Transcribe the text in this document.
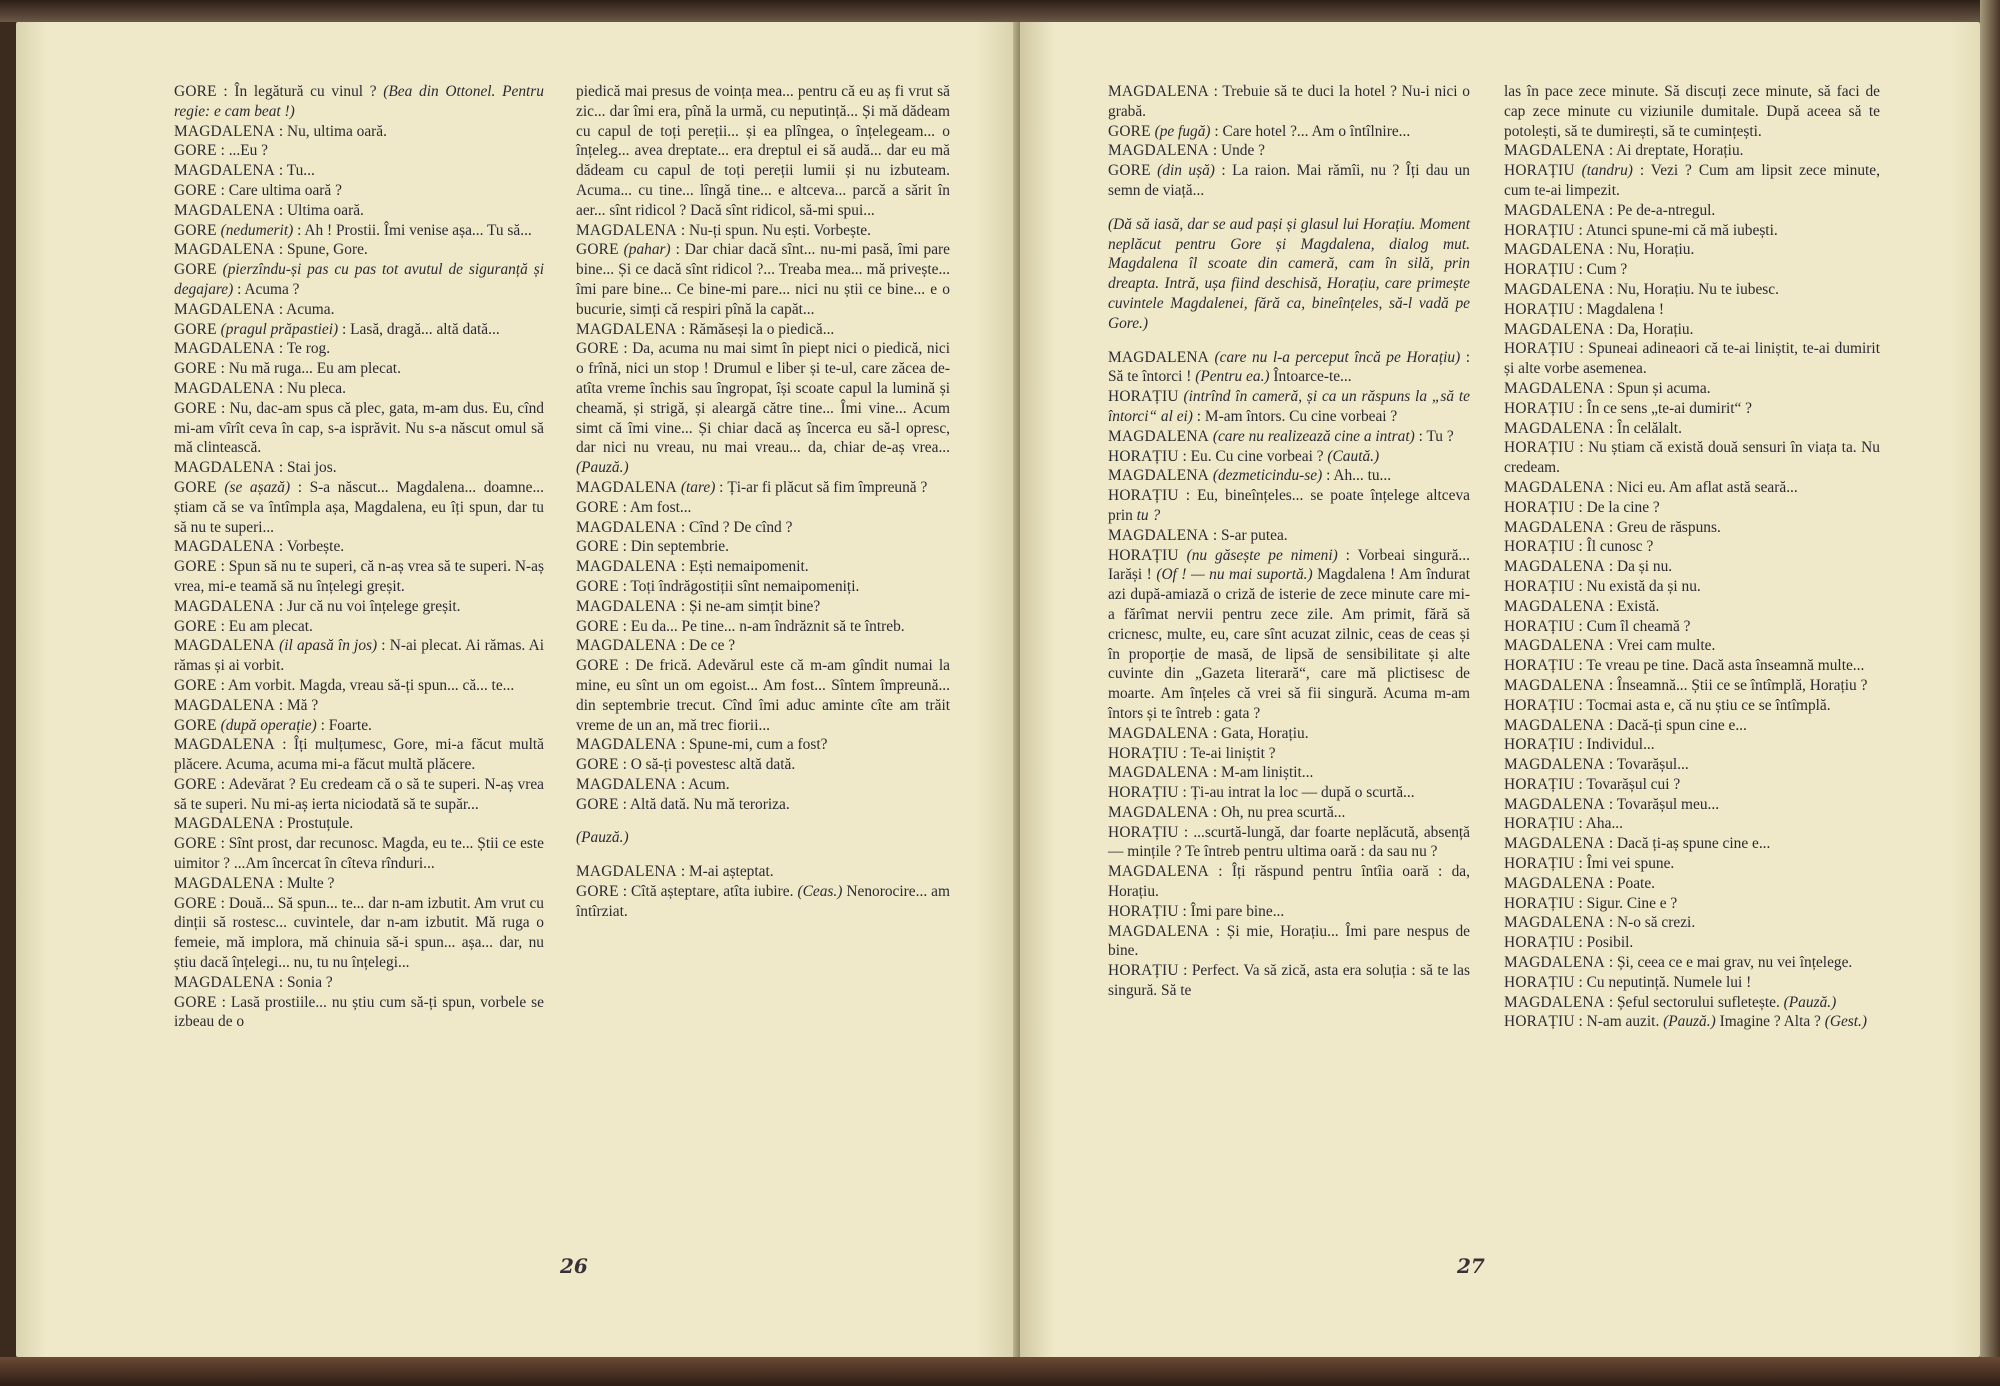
GORE : În legătură cu vinul ? (Bea din Ottonel. Pentru regie: e cam beat !)

MAGDALENA : Nu, ultima oară.

GORE : ...Eu ?

MAGDALENA : Tu...

GORE : Care ultima oară ?

MAGDALENA : Ultima oară.

GORE (nedumerit) : Ah ! Prostii. Îmi venise așa... Tu să...

MAGDALENA : Spune, Gore.

GORE (pierzîndu-și pas cu pas tot avutul de siguranță și degajare) : Acuma ?

MAGDALENA : Acuma.

GORE (pragul prăpastiei) : Lasă, dragă... altă dată...

MAGDALENA : Te rog.

GORE : Nu mă ruga... Eu am plecat.

MAGDALENA : Nu pleca.

GORE : Nu, dac-am spus că plec, gata, m-am dus. Eu, cînd mi-am vîrît ceva în cap, s-a isprăvit. Nu s-a născut omul să mă clintească.

MAGDALENA : Stai jos.

GORE (se așază) : S-a născut... Magdalena... doamne... știam că se va întîmpla așa, Magdalena, eu îți spun, dar tu să nu te superi...

MAGDALENA : Vorbește.

GORE : Spun să nu te superi, că n-aș vrea să te superi. N-aș vrea, mi-e teamă să nu înțelegi greșit.

MAGDALENA : Jur că nu voi înțelege greșit.

GORE : Eu am plecat.

MAGDALENA (il apasă în jos) : N-ai plecat. Ai rămas. Ai rămas și ai vorbit.

GORE : Am vorbit. Magda, vreau să-ți spun... că... te...

MAGDALENA : Mă ?

GORE (după operație) : Foarte.

MAGDALENA : Îți mulțumesc, Gore, mi-a făcut multă plăcere. Acuma, acuma mi-a făcut multă plăcere.

GORE : Adevărat ? Eu credeam că o să te superi. N-aș vrea să te superi. Nu mi-aș ierta niciodată să te supăr...

MAGDALENA : Prostuțule.

GORE : Sînt prost, dar recunosc. Magda, eu te... Știi ce este uimitor ? ...Am încercat în cîteva rînduri...

MAGDALENA : Multe ?

GORE : Două... Să spun... te... dar n-am izbutit. Am vrut cu dinții să rostesc... cuvintele, dar n-am izbutit. Mă ruga o femeie, mă implora, mă chinuia să-i spun... așa... dar, nu știu dacă înțelegi... nu, tu nu înțelegi...

MAGDALENA : Sonia ?

GORE : Lasă prostiile... nu știu cum să-ți spun, vorbele se izbeau de o

piedică mai presus de voința mea... pentru că eu aș fi vrut să zic... dar îmi era, pînă la urmă, cu neputință... Și mă dădeam cu capul de toți pereții... și ea plîngea, o înțelegeam... o înțeleg... avea dreptate... era dreptul ei să audă... dar eu mă dădeam cu capul de toți pereții lumii și nu izbuteam. Acuma... cu tine... lîngă tine... e altceva... parcă a sărit în aer... sînt ridicol ? Dacă sînt ridicol, să-mi spui...

MAGDALENA : Nu-ți spun. Nu ești. Vorbește.

GORE (pahar) : Dar chiar dacă sînt... nu-mi pasă, îmi pare bine... Și ce dacă sînt ridicol ?... Treaba mea... mă privește... îmi pare bine... Ce bine-mi pare... nici nu știi ce bine... e o bucurie, simți că respiri pînă la capăt...

MAGDALENA : Rămăseși la o piedică...

GORE : Da, acuma nu mai simt în piept nici o piedică, nici o frînă, nici un stop ! Drumul e liber și te-ul, care zăcea de-atîta vreme închis sau îngropat, își scoate capul la lumină și cheamă, și strigă, și aleargă către tine... Îmi vine... Acum simt că îmi vine... Și chiar dacă aș încerca eu să-l opresc, dar nici nu vreau, nu mai vreau... da, chiar de-aș vrea... (Pauză.)

MAGDALENA (tare) : Ți-ar fi plăcut să fim împreună ?

GORE : Am fost...

MAGDALENA : Cînd ? De cînd ?

GORE : Din septembrie.

MAGDALENA : Ești nemaipomenit.

GORE : Toți îndrăgostiții sînt nemaipomeniți.

MAGDALENA : Și ne-am simțit bine?

GORE : Eu da... Pe tine... n-am îndrăznit să te întreb.

MAGDALENA : De ce ?

GORE : De frică. Adevărul este că m-am gîndit numai la mine, eu sînt un om egoist... Am fost... Sîntem împreună... din septembrie trecut. Cînd îmi aduc aminte cîte am trăit vreme de un an, mă trec fiorii...

MAGDALENA : Spune-mi, cum a fost?

GORE : O să-ți povestesc altă dată.

MAGDALENA : Acum.

GORE : Altă dată. Nu mă teroriza.

(Pauză.)

MAGDALENA : M-ai așteptat.

GORE : Cîtă așteptare, atîta iubire. (Ceas.) Nenorocire... am întîrziat.

26

MAGDALENA : Trebuie să te duci la hotel ? Nu-i nici o grabă.

GORE (pe fugă) : Care hotel ?... Am o întîlnire...

MAGDALENA : Unde ?

GORE (din ușă) : La raion. Mai rămîi, nu ? Îți dau un semn de viață...

(Dă să iasă, dar se aud pași și glasul lui Horațiu. Moment neplăcut pentru Gore și Magdalena, dialog mut. Magdalena îl scoate din cameră, cam în silă, prin dreapta. Intră, ușa fiind deschisă, Horațiu, care primește cuvintele Magdalenei, fără ca, bineînțeles, să-l vadă pe Gore.)

MAGDALENA (care nu l-a perceput încă pe Horațiu) : Să te întorci ! (Pentru ea.) Întoarce-te...

HORAȚIU (intrînd în cameră, și ca un răspuns la „să te întorci“ al ei) : M-am întors. Cu cine vorbeai ?

MAGDALENA (care nu realizează cine a intrat) : Tu ?

HORAȚIU : Eu. Cu cine vorbeai ? (Caută.)

MAGDALENA (dezmeticindu-se) : Ah... tu...

HORAȚIU : Eu, bineînțeles... se poate înțelege altceva prin tu ?

MAGDALENA : S-ar putea.

HORAȚIU (nu găsește pe nimeni) : Vorbeai singură... Iarăși ! (Of ! — nu mai suportă.) Magdalena ! Am îndurat azi după-amiază o criză de isterie de zece minute care mi-a fărîmat nervii pentru zece zile. Am primit, fără să cricnesc, multe, eu, care sînt acuzat zilnic, ceas de ceas și în proporție de masă, de lipsă de sensibilitate și alte cuvinte din „Gazeta literară“, care mă plictisesc de moarte. Am înțeles că vrei să fii singură. Acuma m-am întors și te întreb : gata ?

MAGDALENA : Gata, Horațiu.

HORAȚIU : Te-ai liniștit ?

MAGDALENA : M-am liniștit...

HORAȚIU : Ți-au intrat la loc — după o scurtă...

MAGDALENA : Oh, nu prea scurtă...

HORAȚIU : ...scurtă-lungă, dar foarte neplăcută, absență — mințile ? Te întreb pentru ultima oară : da sau nu ?

MAGDALENA : Îți răspund pentru întîia oară : da, Horațiu.

HORAȚIU : Îmi pare bine...

MAGDALENA : Și mie, Horațiu... Îmi pare nespus de bine.

HORAȚIU : Perfect. Va să zică, asta era soluția : să te las singură. Să te

las în pace zece minute. Să discuți zece minute, să faci de cap zece minute cu viziunile dumitale. După aceea să te potolești, să te dumirești, să te cumințești.

MAGDALENA : Ai dreptate, Horațiu.

HORAȚIU (tandru) : Vezi ? Cum am lipsit zece minute, cum te-ai limpezit.

MAGDALENA : Pe de-a-ntregul.

HORAȚIU : Atunci spune-mi că mă iubești.

MAGDALENA : Nu, Horațiu.

HORAȚIU : Cum ?

MAGDALENA : Nu, Horațiu. Nu te iubesc.

HORAȚIU : Magdalena !

MAGDALENA : Da, Horațiu.

HORAȚIU : Spuneai adineaori că te-ai liniștit, te-ai dumirit și alte vorbe asemenea.

MAGDALENA : Spun și acuma.

HORAȚIU : În ce sens „te-ai dumirit“ ?

MAGDALENA : În celălalt.

HORAȚIU : Nu știam că există două sensuri în viața ta. Nu credeam.

MAGDALENA : Nici eu. Am aflat astă seară...

HORAȚIU : De la cine ?

MAGDALENA : Greu de răspuns.

HORAȚIU : Îl cunosc ?

MAGDALENA : Da și nu.

HORAȚIU : Nu există da și nu.

MAGDALENA : Există.

HORAȚIU : Cum îl cheamă ?

MAGDALENA : Vrei cam multe.

HORAȚIU : Te vreau pe tine. Dacă asta înseamnă multe...

MAGDALENA : Înseamnă... Știi ce se întîmplă, Horațiu ?

HORAȚIU : Tocmai asta e, că nu știu ce se întîmplă.

MAGDALENA : Dacă-ți spun cine e...

HORAȚIU : Individul...

MAGDALENA : Tovarășul...

HORAȚIU : Tovarășul cui ?

MAGDALENA : Tovarășul meu...

HORAȚIU : Aha...

MAGDALENA : Dacă ți-aș spune cine e...

HORAȚIU : Îmi vei spune.

MAGDALENA : Poate.

HORAȚIU : Sigur. Cine e ?

MAGDALENA : N-o să crezi.

HORAȚIU : Posibil.

MAGDALENA : Și, ceea ce e mai grav, nu vei înțelege.

HORAȚIU : Cu neputință. Numele lui !

MAGDALENA : Șeful sectorului sufletește. (Pauză.)

HORAȚIU : N-am auzit. (Pauză.) Imagine ? Alta ? (Gest.)

27
